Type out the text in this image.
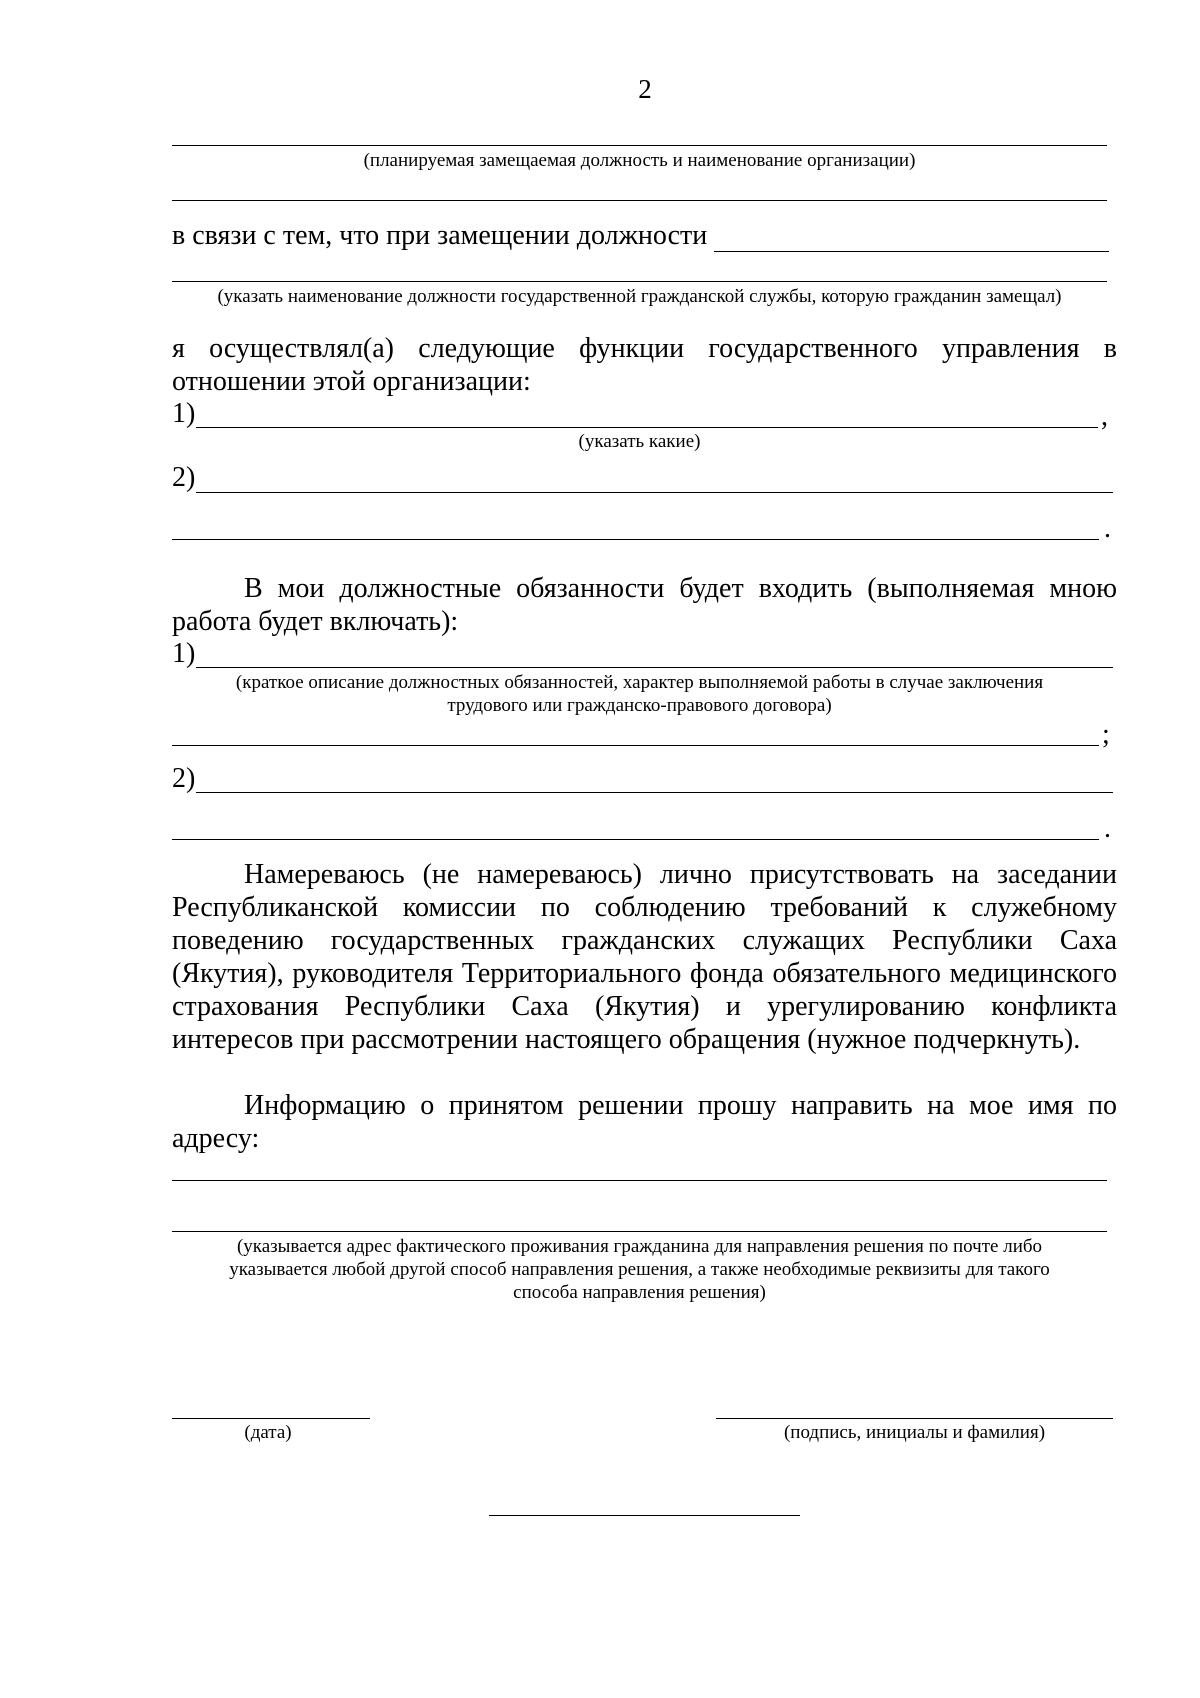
2
(планируемая замещаемая должность и наименование организации)
в связи с тем, что при замещении должности
(указать наименование должности государственной гражданской службы, которую гражданин замещал)
я осуществлял(а) следующие функции государственного управления в
отношении этой организации:
1)	,
(указать какие)
2)
.
В мои должностные обязанности будет входить (выполняемая мною
работа будет включать):
1)
(краткое описание должностных обязанностей, характер выполняемой работы в случае заключения
трудового или гражданско-правового договора)
;
2)
.
Намереваюсь (не намереваюсь) лично присутствовать на заседании Республиканской комиссии по соблюдению требований к служебному поведению государственных гражданских служащих Республики Саха (Якутия), руководителя Территориального фонда обязательного медицинского страхования Республики Саха (Якутия) и урегулированию конфликта интересов при рассмотрении настоящего обращения (нужное подчеркнуть).
Информацию о принятом решении прошу направить на мое имя по адресу:
(указывается адрес фактического проживания гражданина для направления решения по почте либо
указывается любой другой способ направления решения, а также необходимые реквизиты для такого
способа направления решения)
(дата)	(подпись, инициалы и фамилия)
